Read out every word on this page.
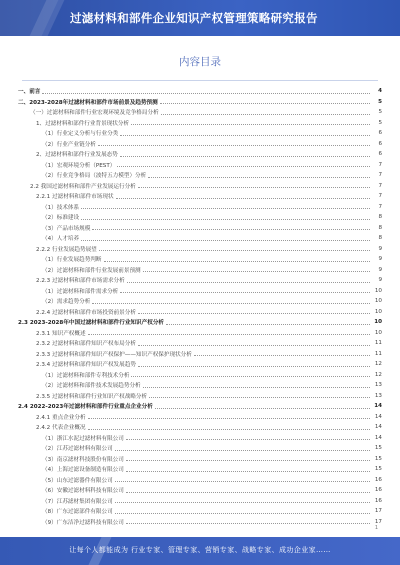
过滤材料和部件企业知识产权管理策略研究报告
内容目录
一、前言	4
二、2023-2028年过滤材料和部件市场前景及趋势预测	5
（一）过滤材料和部件行业宏观环境及竞争格局分析	5
1、过滤材料和部件行业背景现状分析	5
（1）行业定义分析与行业分类	6
（2）行业产业链分析	6
2、过滤材料和部件行业发展态势	6
（1）宏观环境分析（PEST）	7
（2）行业竞争格局（波特五力模型）分析	7
2.2 我国过滤材料和部件产业发展运行分析	7
2.2.1 过滤材料和部件市场现状	7
（1）技术体系	7
（2）标准建设	8
（3）产品市场规模	8
（4）人才培养	8
2.2.2 行业发展趋势展望	9
（1）行业发展趋势判断	9
（2）过滤材料和部件行业发展前景预测	9
2.2.3 过滤材料和部件市场需求分析	9
（1）过滤材料和部件需求分析	10
（2）需求趋势分析	10
2.2.4 过滤材料和部件市场投资前景分析	10
2.3 2023-2028年中国过滤材料和部件行业知识产权分析	10
2.3.1 知识产权概述	10
2.3.2 过滤材料和部件知识产权布局分析	11
2.3.3 过滤材料和部件知识产权保护——知识产权保护现状分析	11
2.3.4 过滤材料和部件知识产权发展趋势	12
（1）过滤材料和部件专利技术分析	12
（2）过滤材料和部件技术发展趋势分析	13
2.3.5 过滤材料和部件行业知识产权战略分析	13
2.4 2022-2023年过滤材料和部件行业重点企业分析	14
2.4.1 重点企业分析	14
2.4.2 代表企业概况	14
（1）浙江水泥过滤材料有限公司	14
（2）江苏过滤材料有限公司	15
（3）南京滤材科技股份有限公司	15
（4）上海过滤设备制造有限公司	15
（5）山东过滤器件有限公司	16
（6）安徽过滤材料科技有限公司	16
（7）江苏滤材集团有限公司	16
（8）广东过滤部件有限公司	17
（9）广东洁净过滤科技有限公司	17
1
让每个人都能成为 行业专家、管理专家、营销专家、战略专家、成功企业家……
